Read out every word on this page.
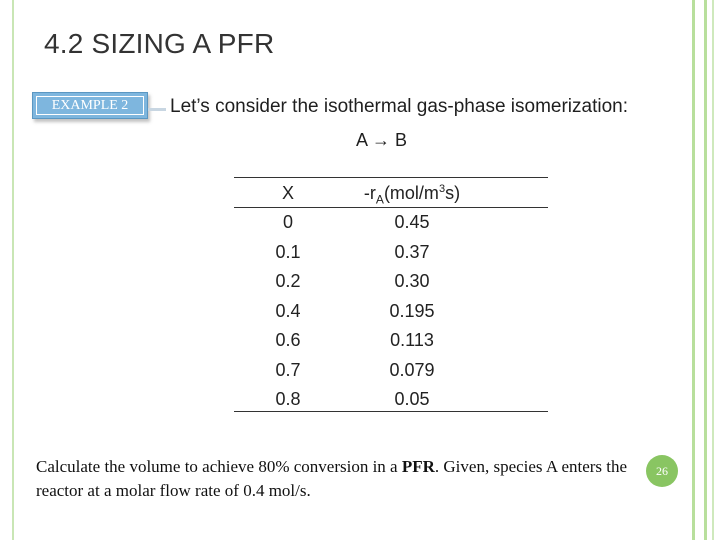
4.2 SIZING A PFR
EXAMPLE 2	Let’s consider the isothermal gas-phase isomerization:
A → B
X	$-r_A(mol/m^3s)$
0	0.45
0.1	0.37
0.2	0.30
0.4	0.195
0.6	0.113
0.7	0.079
0.8	0.05
Calculate the volume to achieve 80% conversion in a PFR. Given, species A enters the reactor at a molar flow rate of 0.4 mol/s.
26
